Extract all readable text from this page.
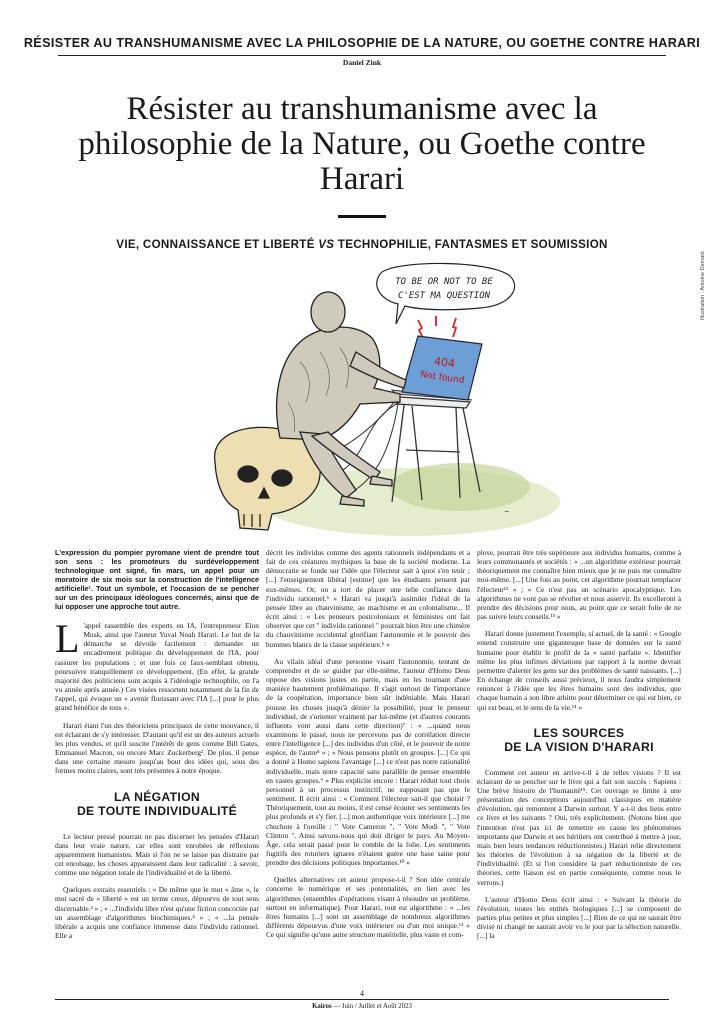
RÉSISTER AU TRANSHUMANISME AVEC LA PHILOSOPHIE DE LA NATURE, OU GOETHE CONTRE HARARI
Daniel Zink
Résister au transhumanisme avec la philosophie de la Nature, ou Goethe contre Harari
VIE, CONNAISSANCE ET LIBERTÉ VS TECHNOPHILIE, FANTASMES ET SOUMISSION
Illustration : Antoine Demant
TO BE OR NOT TO BE
C'EST MA QUESTION
404
Not found
~

L'expression du pompier pyromane vient de prendre tout son sens : les promoteurs du surdéveloppement technologique ont signé, fin mars, un appel pour un moratoire de six mois sur la construction de l'intelligence artificielle¹. Tout un symbole, et l'occasion de se pencher sur un des principaux idéologues concernés, ainsi que de lui opposer une approche tout autre.

L 'appel rassemble des experts en IA, l'entrepreneur Elon Musk, ainsi que l'auteur Yuval Noah Harari. Le but de la démarche se dévoile facilement : demander un encadrement politique du développement de l'IA, pour rassurer les populations ; et une fois ce faux-semblant obtenu, poursuivre tranquillement ce développement. (En effet, la grande majorité des politiciens sont acquis à l'idéologie technophile, on l'a vu année après année.) Ces visées ressortent notamment de la fin de l'appel, qui évoque un « avenir florissant avec l'IA [...] pour le plus grand bénéfice de tous ».

Harari étant l'un des théoriciens principaux de cette mouvance, il est éclairant de s'y intéresser. D'autant qu'il est un des auteurs actuels les plus vendus, et qu'il suscite l'intérêt de gens comme Bill Gates, Emmanuel Macron, ou encore Marc Zuckerberg². De plus, il pense dans une certaine mesure jusqu'au bout des idées qui, sous des formes moins claires, sont très présentes à notre époque.

LA NÉGATION
DE TOUTE INDIVIDUALITÉ

Le lecteur pressé pourrait ne pas discerner les pensées d'Harari dans leur vraie nature, car elles sont enrobées de réflexions apparemment humanistes. Mais si l'on ne se laisse pas distraire par cet enrobage, les choses apparaissent dans leur radicalité : à savoir, comme une négation totale de l'individualité et de la liberté.

Quelques extraits essentiels : « De même que le mot « âme », le mot sacré de « liberté » est un terme creux, dépourvu de tout sens discernable.³ » ; « ...l'individu libre n'est qu'une fiction concoctée par un assemblage d'algorithmes biochimiques.⁴ » ; « ...la pensée libérale a acquis une confiance immense dans l'individu rationnel. Elle a

décrit les individus comme des agents rationnels indépendants et a fait de ces créatures mythiques la base de la société moderne. La démocratie se fonde sur l'idée que l'électeur sait à quoi s'en tenir ; [...] l'enseignement libéral [estime] que les étudiants pensent par eux-mêmes. Or, on a tort de placer une telle confiance dans l'individu rationnel.⁵ » Harari va jusqu'à assimiler l'idéal de la pensée libre au chauvinisme, au machisme et au colonialisme... Il écrit ainsi : « Les penseurs postcoloniaux et féministes ont fait observer que cet " individu rationnel " pourrait bien être une chimère du chauvinisme occidental glorifiant l'autonomie et le pouvoir des hommes blancs de la classe supérieure.⁶ »

Au vilain idéal d'une personne visant l'autonomie, tentant de comprendre et de se guider par elle-même, l'auteur d'Homo Deus oppose des visions justes en partie, mais en les tournant d'une manière hautement problématique. Il s'agit surtout de l'importance de la coopération, importance bien sûr indéniable. Mais Harari pousse les choses jusqu'à dénier la possibilité, pour le penseur individuel, de s'orienter vraiment par lui-même (et d'autres courants influents vont aussi dans cette direction)⁷ : « ...quand nous examinons le passé, nous ne percevons pas de corrélation directe entre l'intelligence [...] des individus d'un côté, et le pouvoir de notre espèce, de l'autre⁸ » ; « Nous pensons plutôt en groupes. [...] Ce qui a donné à Homo sapiens l'avantage [...] ce n'est pas notre rationalité individuelle, mais notre capacité sans parallèle de penser ensemble en vastes groupes.⁹ » Plus explicite encore : Harari réduit tout choix personnel à un processus instinctif, ne supposant pas que le sentiment. Il écrit ainsi : « Comment l'électeur sait-il que choisir ? Théoriquement, tout au moins, il est censé écouter ses sentiments les plus profonds et s'y fier. [...] mon authentique voix intérieure [...] me chuchote à l'oreille : " Vote Cameron ", " Vote Modi ", " Vote Clinton ". Ainsi savons-nous qui doit diriger le pays. Au Moyen-Âge, cela serait passé pour le comble de la folie. Les sentiments fugitifs des roturiers ignares n'étaient guère une base saine pour prendre des décisions politiques importantes.¹⁰ »

Quelles alternatives cet auteur propose-t-il ? Son idée centrale concerne le numérique et ses potentialités, en lien avec les algorithmes (ensembles d'opérations visant à résoudre un problème, surtout en informatique). Pour Harari, tout est algorithme : « ...les êtres humains [...] sont un assemblage de nombreux algorithmes différents dépourvus d'une voix intérieure ou d'un moi unique.¹¹ » Ce qui signifie qu'une autre structure matérielle, plus vaste et com-

plexe, pourrait être très supérieure aux individus humains, comme à leurs communautés et sociétés : « ...un algorithme extérieur pourrait théoriquement me connaître bien mieux que je ne puis me connaître moi-même. [...] Une fois au point, cet algorithme pourrait remplacer l'électeur¹² » ; « Ce n'est pas un scénario apocalyptique. Les algorithmes ne vont pas se révolter et nous asservir. Ils excelleront à prendre des décisions pour nous, au point que ce serait folie de ne pas suivre leurs conseils.¹³ »

Harari donne justement l'exemple, si actuel, de la santé : « Google entend construire une gigantesque base de données sur la santé humaine pour établir le profil de la « santé parfaite ». Identifier même les plus infimes déviations par rapport à la norme devrait permettre d'alerter les gens sur des problèmes de santé naissants. [...] En échange de conseils aussi précieux, il nous faudra simplement renoncer à l'idée que les êtres humains sont des individus, que chaque humain a son libre arbitre pour déterminer ce qui est bien, ce qui est beau, et le sens de la vie.¹⁴ »

LES SOURCES
DE LA VISION D'HARARI

Comment cet auteur en arrive-t-il à de telles visions ? Il est éclairant de se pencher sur le livre qui a fait son succès : Sapiens : Une brève histoire de l'humanité¹⁵. Cet ouvrage se limite à une présentation des conceptions aujourd'hui classiques en matière d'évolution, qui remontent à Darwin surtout. Y a-t-il des liens entre ce livre et les suivants ? Oui, très explicitement. (Notons bien que l'intention n'est pas ici de remettre en cause les phénomènes importants que Darwin et ses héritiers ont contribué à mettre à jour, mais bien leurs tendances réductionnistes.) Harari relie directement les théories de l'évolution à sa négation de la liberté et de l'individualité. (Et si l'on considère la part réductionniste de ces théories, cette liaison est en partie conséquente, comme nous le verrons.)

L'auteur d'Homo Deus écrit ainsi : « Suivant la théorie de l'évolution, toutes les entités biologiques [...] se composent de parties plus petites et plus simples [...] Rien de ce qui ne saurait être divisé ni changé ne saurait avoir vu le jour par la sélection naturelle. [...] la

4
Kairos — Juin / Juillet et Août 2023
